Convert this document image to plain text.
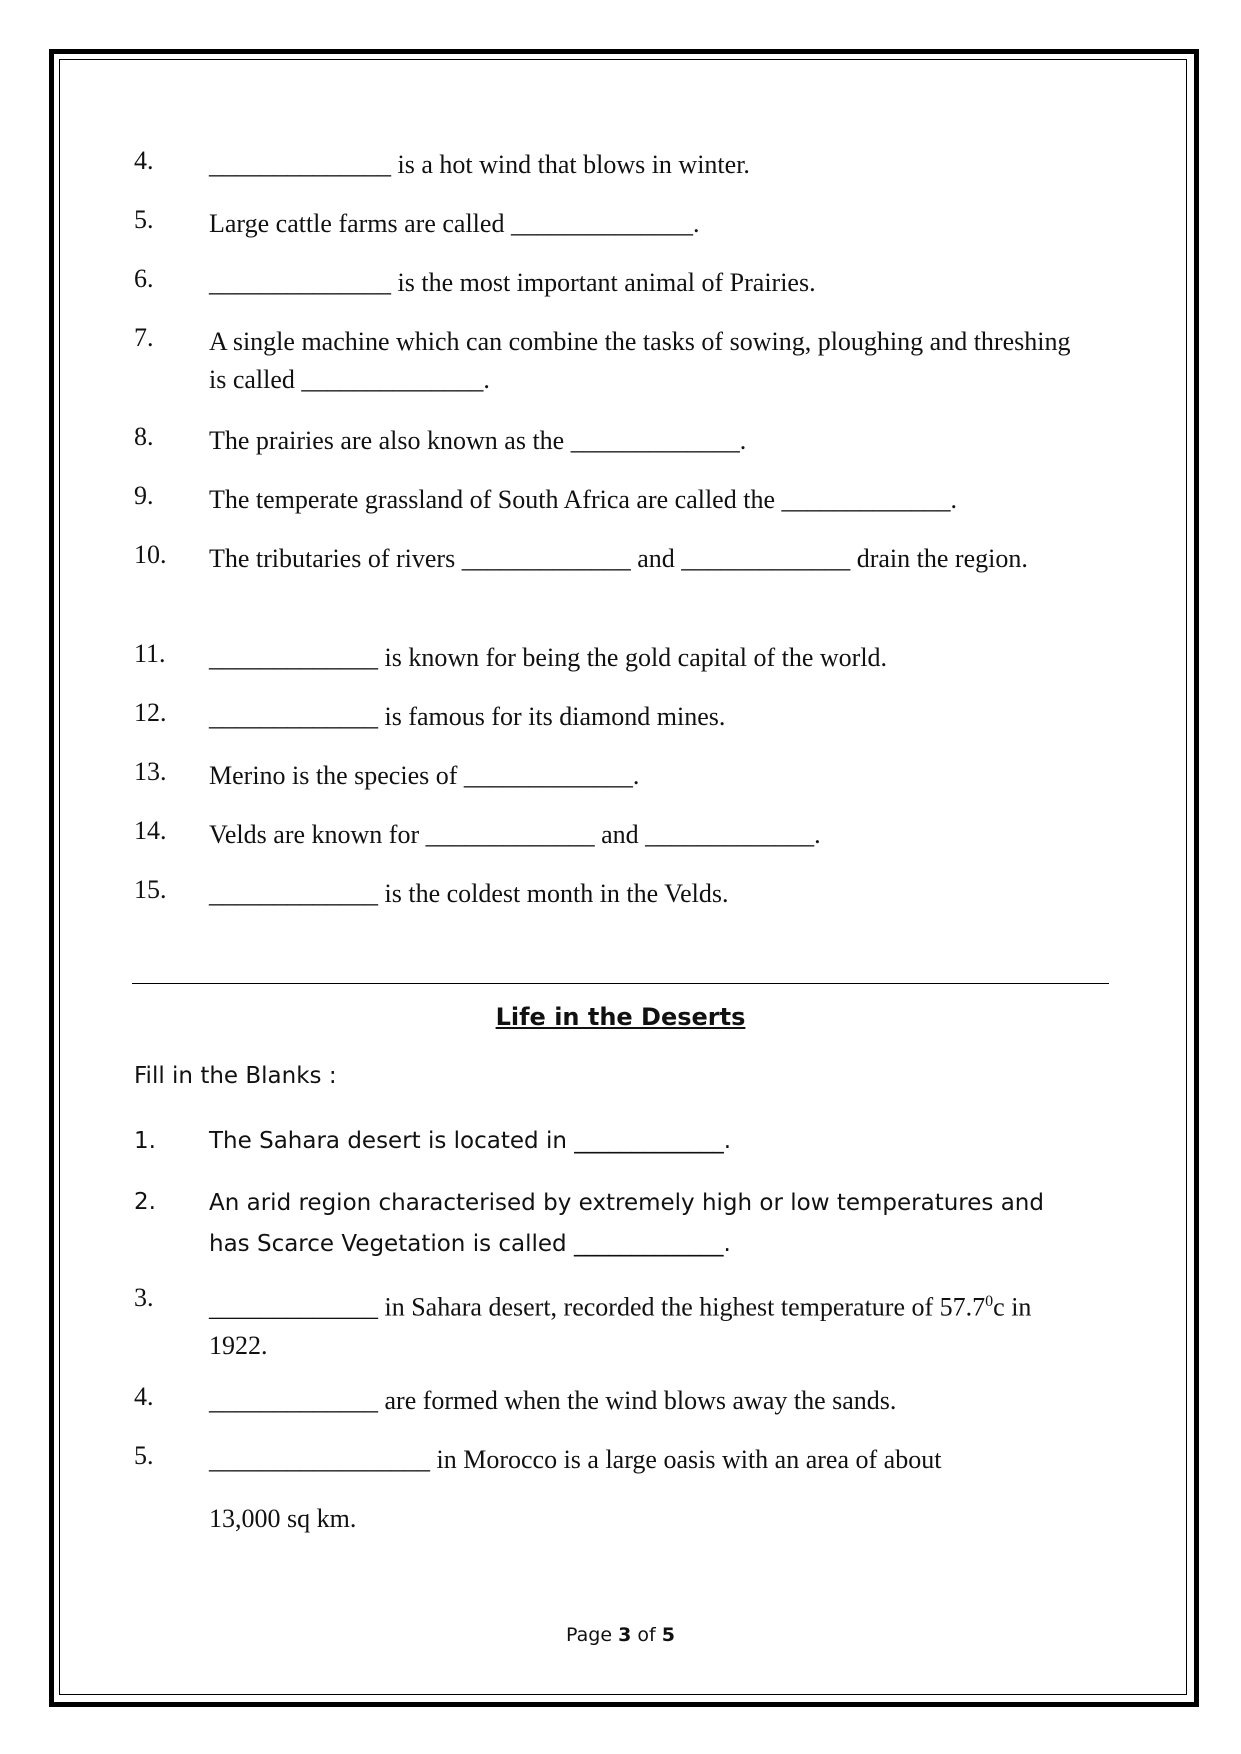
4. ______________ is a hot wind that blows in winter.
5. Large cattle farms are called ______________.
6. ______________ is the most important animal of Prairies.
7. A single machine which can combine the tasks of sowing, ploughing and threshing is called ______________.
8. The prairies are also known as the _____________.
9. The temperate grassland of South Africa are called the _____________.
10. The tributaries of rivers _____________ and _____________ drain the region.
11. _____________ is known for being the gold capital of the world.
12. _____________ is famous for its diamond mines.
13. Merino is the species of _____________.
14. Velds are known for _____________ and _____________.
15. _____________ is the coldest month in the Velds.
Life in the Deserts
Fill in the Blanks :
1. The Sahara desert is located in _____________.
2. An arid region characterised by extremely high or low temperatures and has Scarce Vegetation is called _____________.
3. _____________ in Sahara desert, recorded the highest temperature of 57.7$^0$c in 1922.
4. _____________ are formed when the wind blows away the sands.
5. _________________ in Morocco is a large oasis with an area of about
13,000 sq km.
Page 3 of 5
